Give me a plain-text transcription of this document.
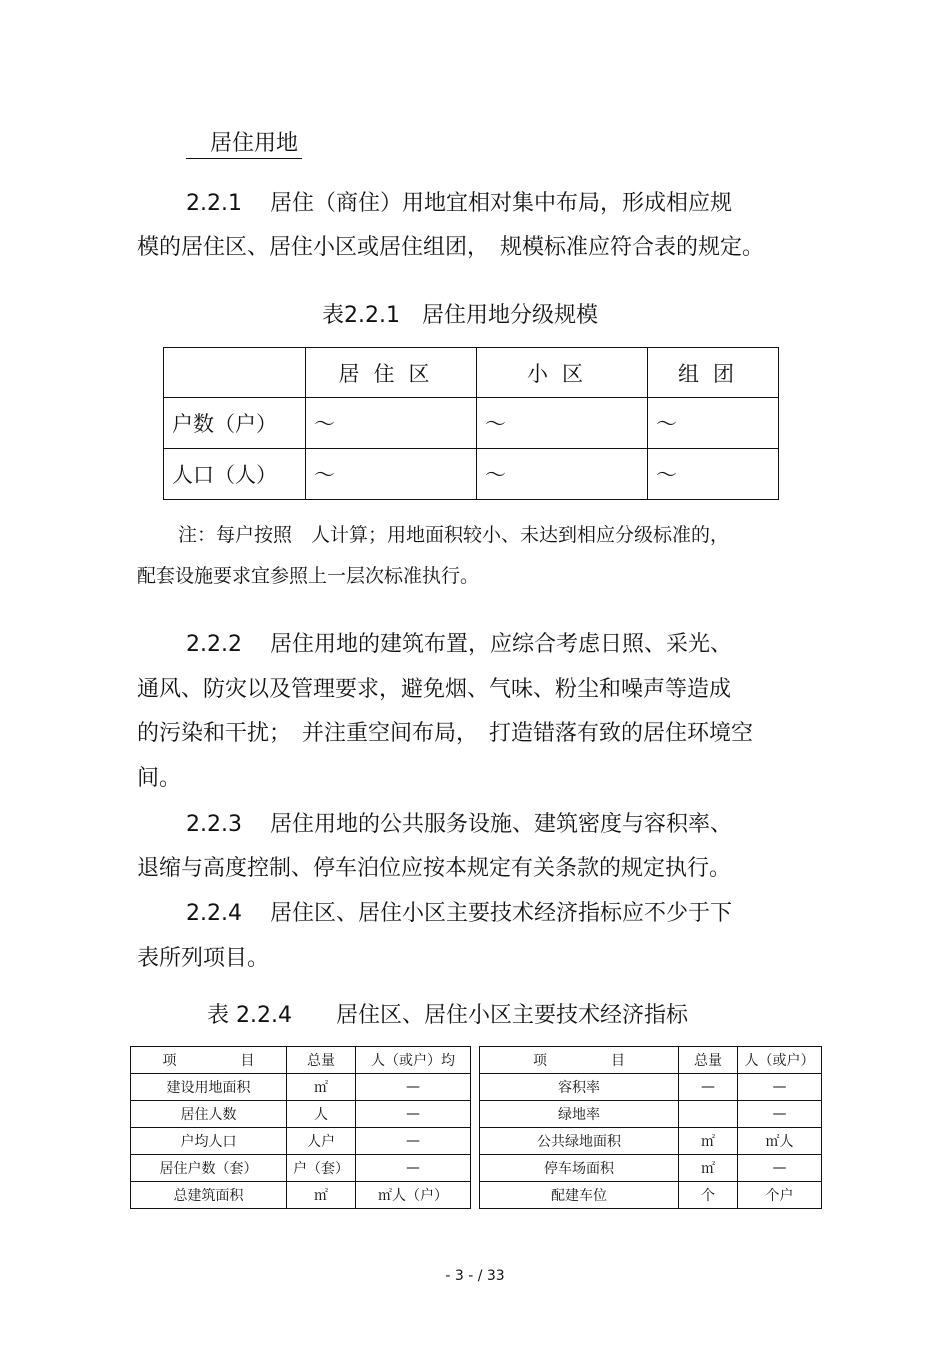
居住用地
2.2.1 居住（商住）用地宜相对集中布局，形成相应规
模的居住区、居住小区或居住组团，　规模标准应符合表的规定。
表2.2.1　居住用地分级规模
	居住区	小区	组团
户数（户）	～	～	～
人口（人）	～	～	～
注：每户按照　人计算；用地面积较小、未达到相应分级标准的，
配套设施要求宜参照上一层次标准执行。
2.2.2 居住用地的建筑布置，应综合考虑日照、采光、
通风、防灾以及管理要求，避免烟、气味、粉尘和噪声等造成
的污染和干扰；　并注重空间布局，　打造错落有致的居住环境空
间。
2.2.3 居住用地的公共服务设施、建筑密度与容积率、
退缩与高度控制、停车泊位应按本规定有关条款的规定执行。
2.2.4 居住区、居住小区主要技术经济指标应不少于下
表所列项目。
表 2.2.4　　居住区、居住小区主要技术经济指标
项 目	总量	人（或户）均		项 目	总量	人（或户）
建设用地面积	㎡	—		容积率	—	—
居住人数	人	—		绿地率		—
户均人口	人户	—		公共绿地面积	㎡	㎡人
居住户数（套）	户（套）	—		停车场面积	㎡	—
总建筑面积	㎡	㎡人（户）		配建车位	个	个户
- 3 - / 33
